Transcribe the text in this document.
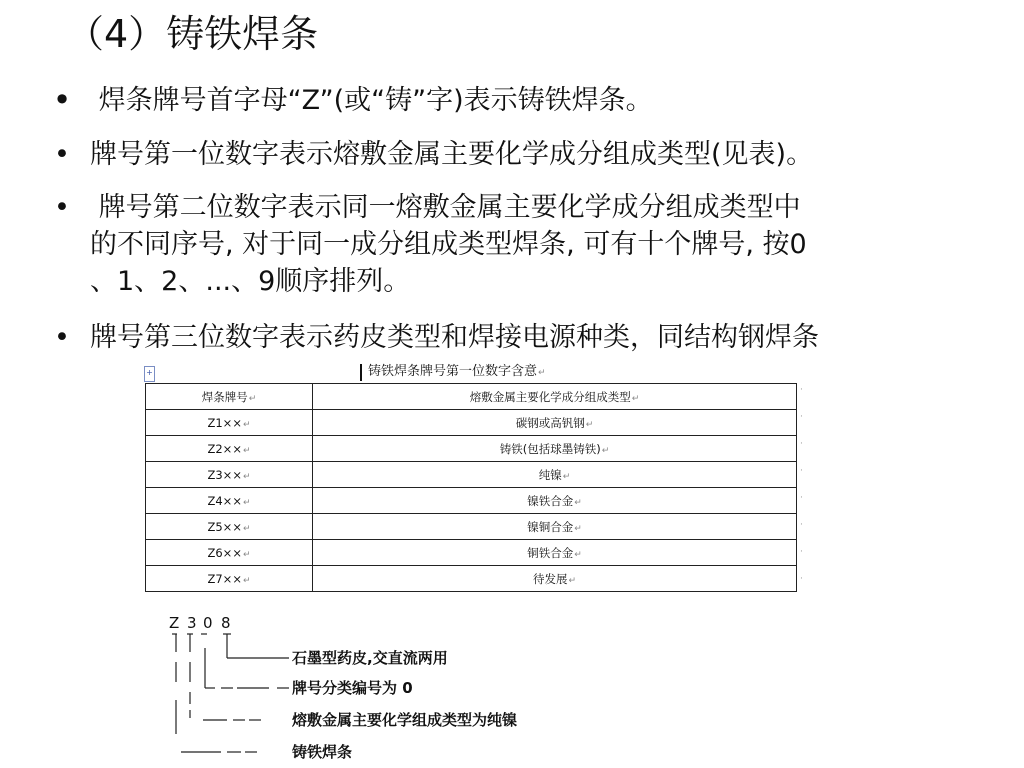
（4）铸铁焊条
• 焊条牌号首字母“Z”(或“铸”字)表示铸铁焊条。
• 牌号第一位数字表示熔敷金属主要化学成分组成类型(见表)。
•	牌号第二位数字表示同一熔敷金属主要化学成分组成类型中
的不同序号, 对于同一成分组成类型焊条, 可有十个牌号, 按0
、1、2、...、9顺序排列。
• 牌号第三位数字表示药皮类型和焊接电源种类，同结构钢焊条
+	铸铁焊条牌号第一位数字含意↵
焊条牌号↵	熔敷金属主要化学成分组成类型↵
Z1××↵	碳钢或高钒钢↵
Z2××↵	铸铁(包括球墨铸铁)↵
Z3××↵	纯镍↵
Z4××↵	镍铁合金↵
Z5××↵	镍铜合金↵
Z6××↵	铜铁合金↵
Z7××↵	待发展↵
·
·
·
·
·
·
·
·
Z 3 0 8
石墨型药皮,交直流两用
牌号分类编号为 0
熔敷金属主要化学组成类型为纯镍
铸铁焊条
